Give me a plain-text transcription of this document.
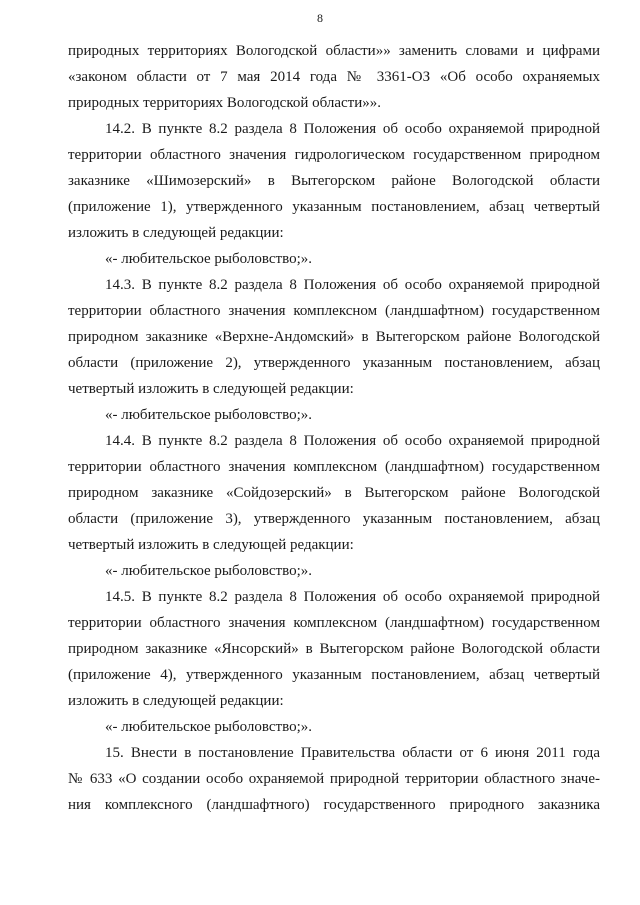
8

природных территориях Вологодской области»» заменить словами и цифрами
«законом области от 7 мая 2014 года № 3361-ОЗ «Об особо охраняемых
природных территориях Вологодской области»».

14.2. В пункте 8.2 раздела 8 Положения об особо охраняемой природной
территории областного значения гидрологическом государственном природном
заказнике «Шимозерский» в Вытегорском районе Вологодской области
(приложение 1), утвержденного указанным постановлением, абзац четвертый
изложить в следующей редакции:

«- любительское рыболовство;».

14.3. В пункте 8.2 раздела 8 Положения об особо охраняемой природной
территории областного значения комплексном (ландшафтном) государственном
природном заказнике «Верхне-Андомский» в Вытегорском районе Вологодской
области (приложение 2), утвержденного указанным постановлением, абзац
четвертый изложить в следующей редакции:

«- любительское рыболовство;».

14.4. В пункте 8.2 раздела 8 Положения об особо охраняемой природной
территории областного значения комплексном (ландшафтном) государственном
природном заказнике «Сойдозерский» в Вытегорском районе Вологодской
области (приложение 3), утвержденного указанным постановлением, абзац
четвертый изложить в следующей редакции:

«- любительское рыболовство;».

14.5. В пункте 8.2 раздела 8 Положения об особо охраняемой природной
территории областного значения комплексном (ландшафтном) государственном
природном заказнике «Янсорский» в Вытегорском районе Вологодской области
(приложение 4), утвержденного указанным постановлением, абзац четвертый
изложить в следующей редакции:

«- любительское рыболовство;».

15. Внести в постановление Правительства области от 6 июня 2011 года
№ 633 «О создании особо охраняемой природной территории областного значе-
ния комплексного (ландшафтного) государственного природного заказника
